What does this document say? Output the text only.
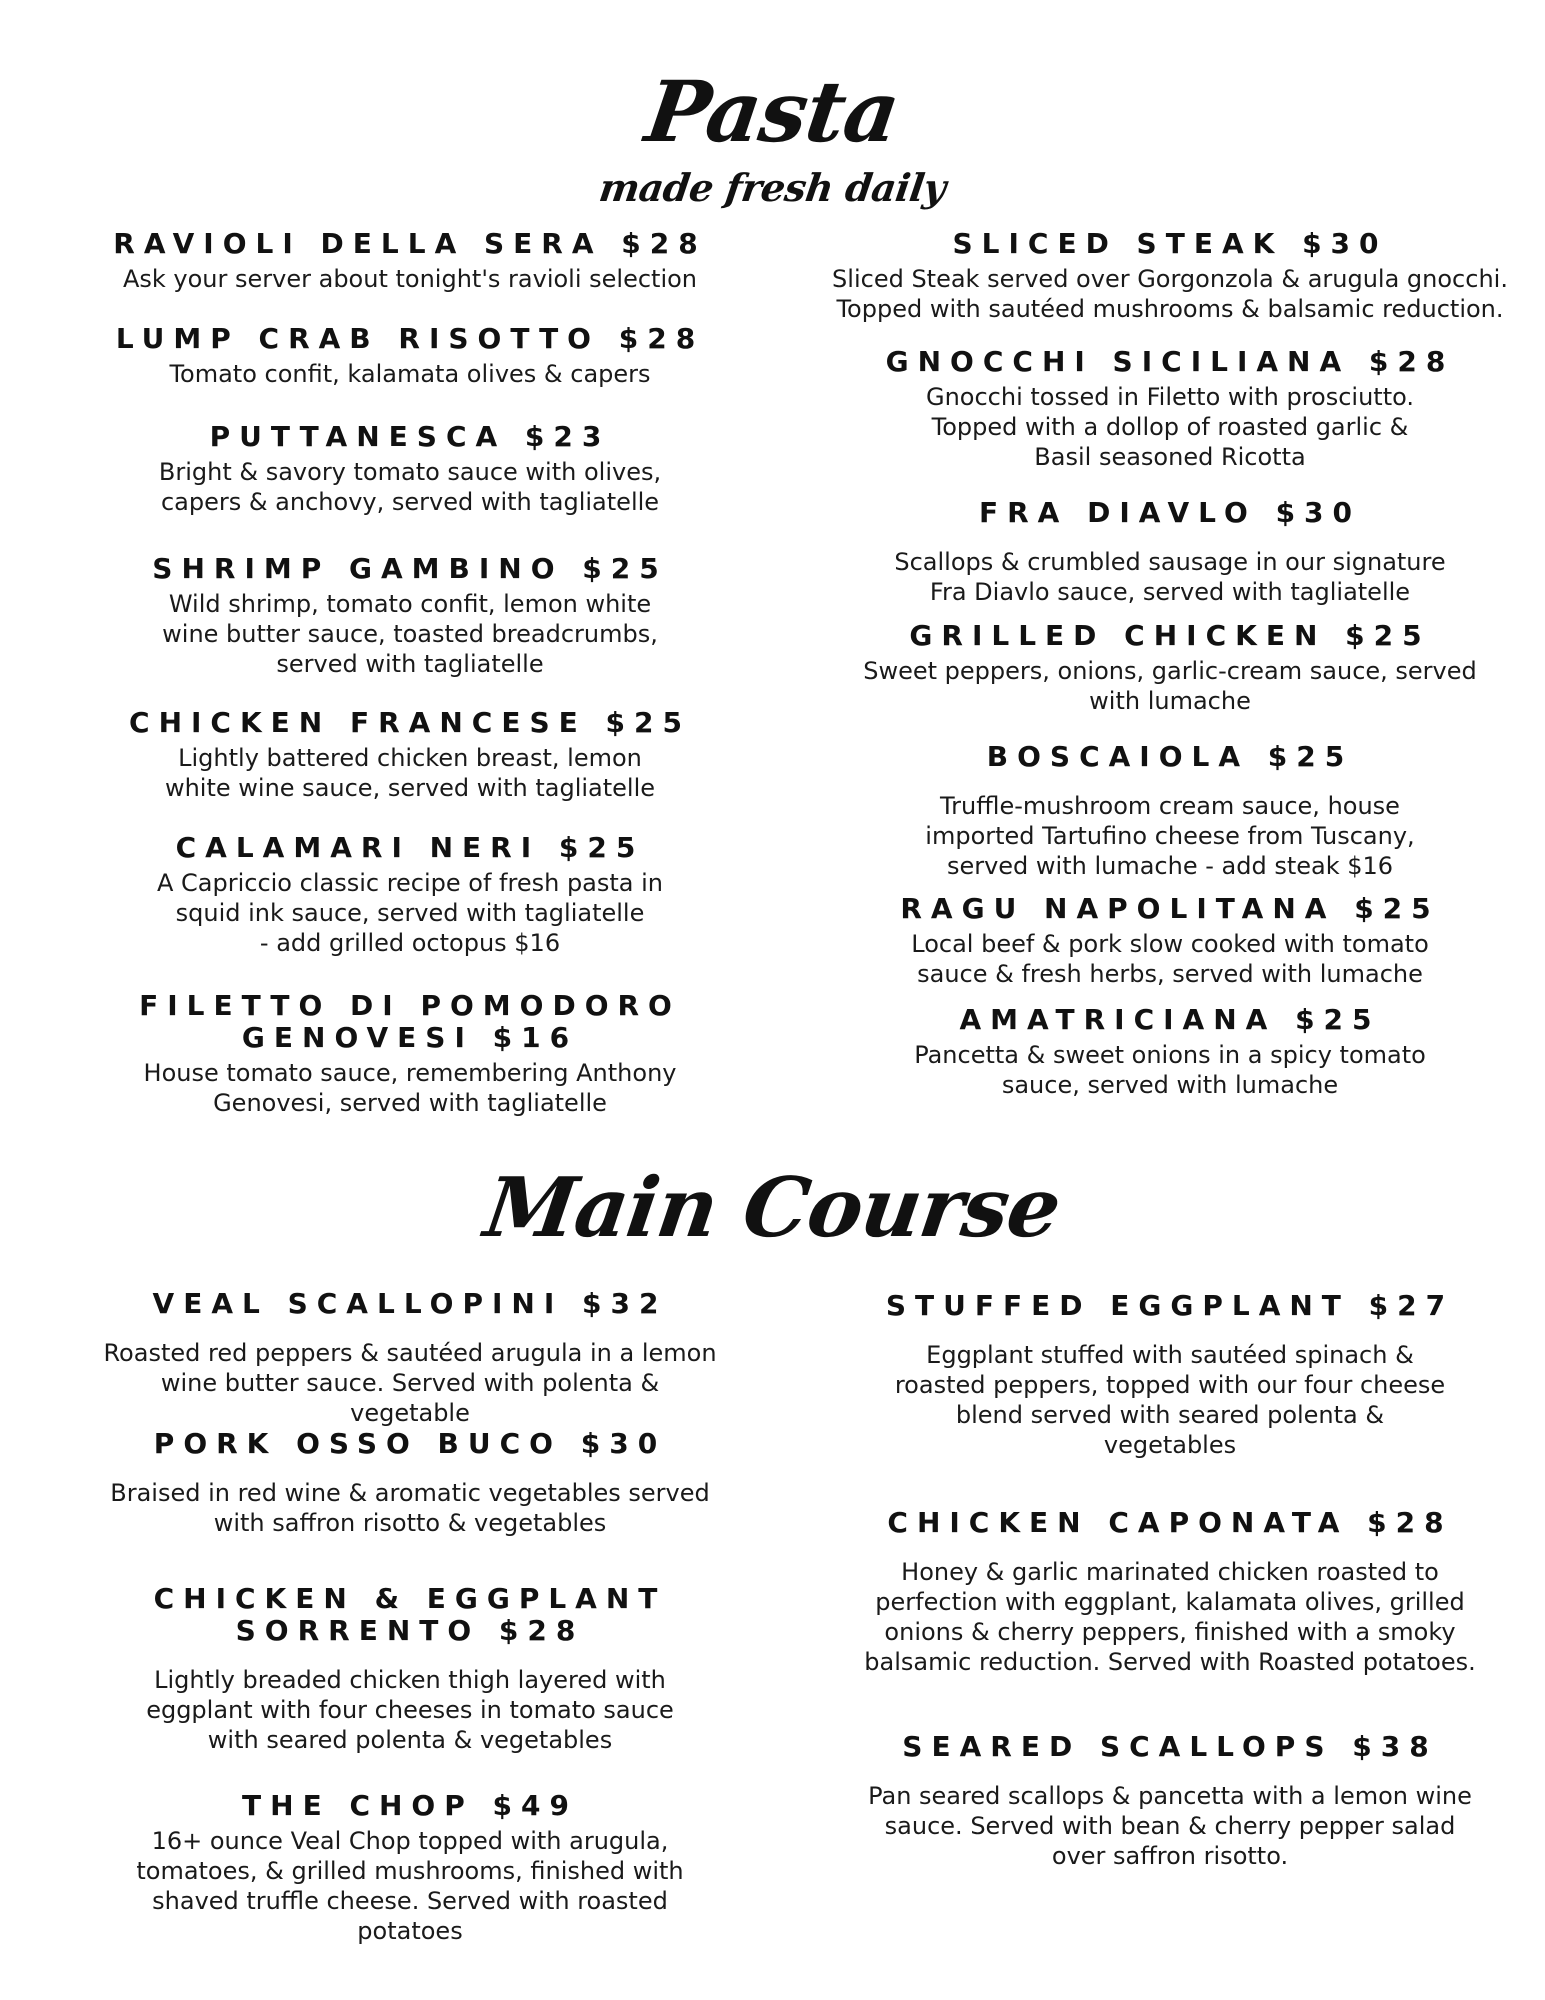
Pasta
made fresh daily
Main Course
RAVIOLI DELLA SERA $28
Ask your server about tonight's ravioli selection
LUMP CRAB RISOTTO $28
Tomato confit, kalamata olives & capers
PUTTANESCA $23
Bright & savory tomato sauce with olives,
capers & anchovy, served with tagliatelle
SHRIMP GAMBINO $25
Wild shrimp, tomato confit, lemon white
wine butter sauce, toasted breadcrumbs,
served with tagliatelle
CHICKEN FRANCESE $25
Lightly battered chicken breast, lemon
white wine sauce, served with tagliatelle
CALAMARI NERI $25
A Capriccio classic recipe of fresh pasta in
squid ink sauce, served with tagliatelle
- add grilled octopus $16
FILETTO DI POMODORO
GENOVESI $16
House tomato sauce, remembering Anthony
Genovesi, served with tagliatelle
SLICED STEAK $30
Sliced Steak served over Gorgonzola & arugula gnocchi.
Topped with sautéed mushrooms & balsamic reduction.
GNOCCHI SICILIANA $28
Gnocchi tossed in Filetto with prosciutto.
Topped with a dollop of roasted garlic &
Basil seasoned Ricotta
FRA DIAVLO $30
Scallops & crumbled sausage in our signature
Fra Diavlo sauce, served with tagliatelle
GRILLED CHICKEN $25
Sweet peppers, onions, garlic-cream sauce, served
with lumache
BOSCAIOLA $25
Truffle-mushroom cream sauce, house
imported Tartufino cheese from Tuscany,
served with lumache - add steak $16
RAGU NAPOLITANA $25
Local beef & pork slow cooked with tomato
sauce & fresh herbs, served with lumache
AMATRICIANA $25
Pancetta & sweet onions in a spicy tomato
sauce, served with lumache
VEAL SCALLOPINI $32
Roasted red peppers & sautéed arugula in a lemon
wine butter sauce. Served with polenta & vegetable
PORK OSSO BUCO $30
Braised in red wine & aromatic vegetables served
with saffron risotto & vegetables
CHICKEN & EGGPLANT
SORRENTO $28
Lightly breaded chicken thigh layered with
eggplant with four cheeses in tomato sauce
with seared polenta & vegetables
THE CHOP $49
16+ ounce Veal Chop topped with arugula,
tomatoes, & grilled mushrooms, finished with
shaved truffle cheese. Served with roasted potatoes
STUFFED EGGPLANT $27
Eggplant stuffed with sautéed spinach &
roasted peppers, topped with our four cheese
blend served with seared polenta &
vegetables
CHICKEN CAPONATA $28
Honey & garlic marinated chicken roasted to
perfection with eggplant, kalamata olives, grilled
onions & cherry peppers, finished with a smoky
balsamic reduction. Served with Roasted potatoes.
SEARED SCALLOPS $38
Pan seared scallops & pancetta with a lemon wine
sauce. Served with bean & cherry pepper salad
over saffron risotto.
